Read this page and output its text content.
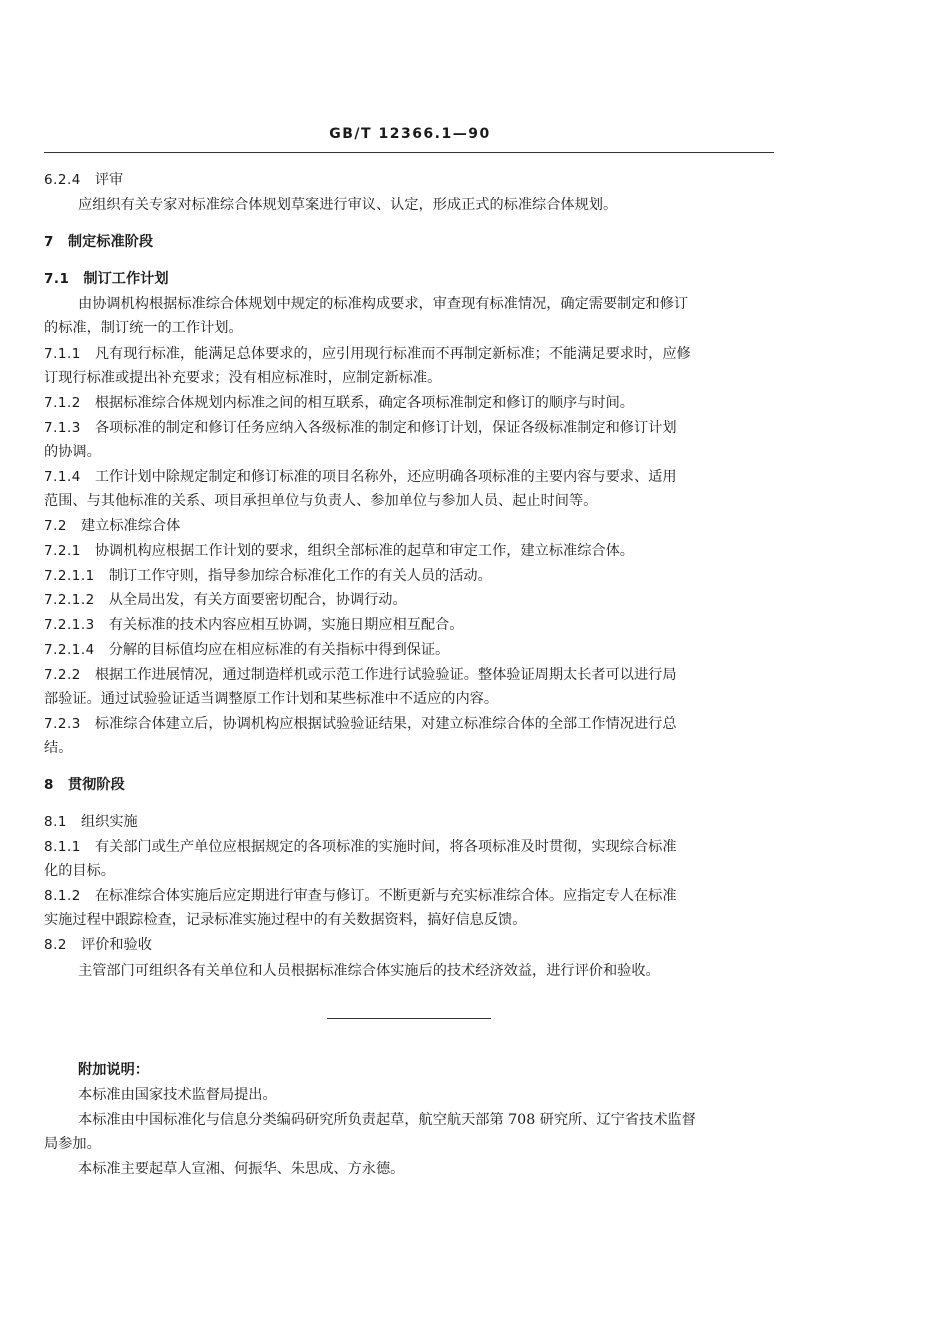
GB/T 12366.1—90
6.2.4 评审
应组织有关专家对标准综合体规划草案进行审议、认定，形成正式的标准综合体规划。
7 制定标准阶段
7.1 制订工作计划
由协调机构根据标准综合体规划中规定的标准构成要求，审查现有标准情况，确定需要制定和修订
的标准，制订统一的工作计划。
7.1.1 凡有现行标准，能满足总体要求的，应引用现行标准而不再制定新标准；不能满足要求时，应修
订现行标准或提出补充要求；没有相应标准时，应制定新标准。
7.1.2 根据标准综合体规划内标准之间的相互联系，确定各项标准制定和修订的顺序与时间。
7.1.3 各项标准的制定和修订任务应纳入各级标准的制定和修订计划，保证各级标准制定和修订计划
的协调。
7.1.4 工作计划中除规定制定和修订标准的项目名称外，还应明确各项标准的主要内容与要求、适用
范围、与其他标准的关系、项目承担单位与负责人、参加单位与参加人员、起止时间等。
7.2 建立标准综合体
7.2.1 协调机构应根据工作计划的要求，组织全部标准的起草和审定工作，建立标准综合体。
7.2.1.1 制订工作守则，指导参加综合标准化工作的有关人员的活动。
7.2.1.2 从全局出发，有关方面要密切配合，协调行动。
7.2.1.3 有关标准的技术内容应相互协调，实施日期应相互配合。
7.2.1.4 分解的目标值均应在相应标准的有关指标中得到保证。
7.2.2 根据工作进展情况，通过制造样机或示范工作进行试验验证。整体验证周期太长者可以进行局
部验证。通过试验验证适当调整原工作计划和某些标准中不适应的内容。
7.2.3 标准综合体建立后，协调机构应根据试验验证结果，对建立标准综合体的全部工作情况进行总
结。
8 贯彻阶段
8.1 组织实施
8.1.1 有关部门或生产单位应根据规定的各项标准的实施时间，将各项标准及时贯彻，实现综合标准
化的目标。
8.1.2 在标准综合体实施后应定期进行审查与修订。不断更新与充实标准综合体。应指定专人在标准
实施过程中跟踪检查，记录标准实施过程中的有关数据资料，搞好信息反馈。
8.2 评价和验收
主管部门可组织各有关单位和人员根据标准综合体实施后的技术经济效益，进行评价和验收。
附加说明：
本标准由国家技术监督局提出。
本标准由中国标准化与信息分类编码研究所负责起草，航空航天部第 708 研究所、辽宁省技术监督
局参加。
本标准主要起草人宣湘、何振华、朱思成、方永德。
